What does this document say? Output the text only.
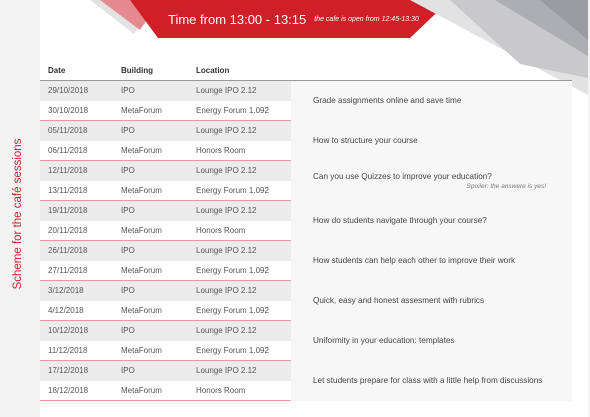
Time from 13:00 - 13:15 the cafe is open from 12:45-13:30
Date	Building	Location	
29/10/2018	IPO	Lounge IPO 2.12	Grade assignments online and save time
30/10/2018	MetaForum	Energy Forum 1.092	
05/11/2018	IPO	Lounge IPO 2.12	How to structure your course
06/11/2018	MetaForum	Honors Room	
12/11/2018	IPO	Lounge IPO 2.12	Can you use Quizzes to improve your education?
Spoiler: the answere is yes!

13/11/2018	MetaForum	Energy Forum 1.092	
19/11/2018	IPO	Lounge IPO 2.12	How do students navigate through your course?
20/11/2018	MetaForum	Honors Room	
26/11/2018	IPO	Lounge IPO 2.12	How students can help each other to improve their work
27/11/2018	MetaForum	Energy Forum 1.092	
3/12/2018	IPO	Lounge IPO 2.12	Quick, easy and honest assesment with rubrics
4/12/2018	MetaForum	Energy Forum 1.092	
10/12/2018	IPO	Lounge IPO 2.12	Uniformity in your education: templates
11/12/2018	MetaForum	Energy Forum 1.092	
17/12/2018	IPO	Lounge IPO 2.12	Let students prepare for class with a little help from discussions
18/12/2018	MetaForum	Honors Room	
Scheme for the café sessions
